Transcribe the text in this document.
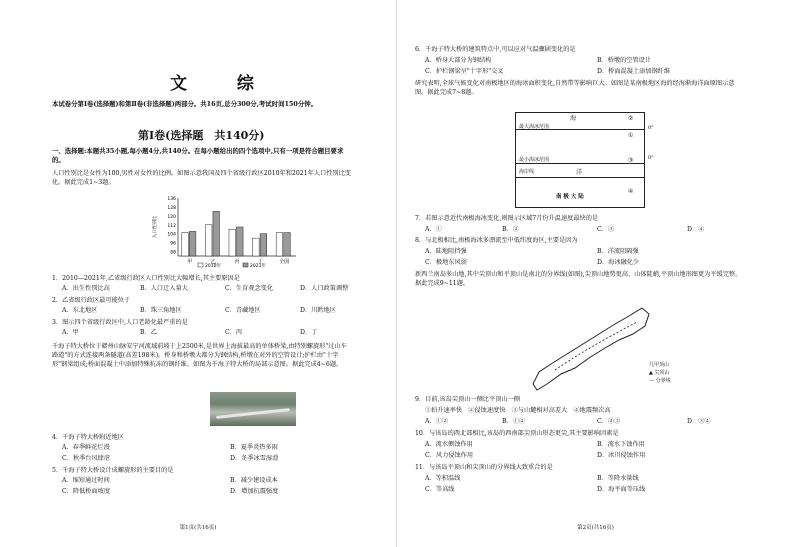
文 综
本试卷分第Ⅰ卷(选择题)和第Ⅱ卷(非选择题)两部分。共16页,总分300分,考试时间150分钟。
第Ⅰ卷(选择题　共140分)
一、选择题:本题共35小题,每小题4分,共140分。在每小题给出的四个选项中,只有一项是符合题目要求的。
人口性别比是女性为100,男性对女性的比例。如图示意我国及四个省级行政区2010年和2021年人口性别比变化。据此完成1~3题。
136
128
120
112
104
96
88
人口性别比
甲	乙	丙	丁	全国
2010年	2021年
1．2010—2021年,乙省级行政区人口性别比大幅增长,其主要原因是
A．出生性别比高	B．人口迁入量大	C．生育观念变化	D．人口政策调整
2．乙省级行政区最可能位于
A．东北地区	B．珠三角地区	C．青藏地区	D．川黔地区
3．图示四个省级行政区中,人口老龄化最严重的是
A．甲	B．乙	C．丙	D．丁
千海子特大桥位于赣州山脉安宁河流域前坡于上2500米,是世界上海拔最高的单体桥梁,由特别螺旋形"过山车路道"的方式连接两条隧道(高差198米)。桥身和桥墩大都分为钢结构,桥墩在对外的空管设计;护栏由"十字形"钢梁组成;桥面混凝土中添加特殊抗冻的钢纤维。如图为千海子特大桥的局部示意图。据此完成4~6题。
4．千海子特大桥附近地区
A．春季鲜花烂漫	B．夏季炎热多雨
C．秋季台风肆虐	D．冬季冰雪湿滑
5．千海子特大桥设计成螺旋形的主要目的是
A．缩短通过时间	B．减少建设成本
C．降低桥面坡度	D．增加抗震强度
第1页(共16页)
6．千海子特大桥的建筑特点中,可以应对气温骤剧变化的是
A．桥身大部分为钢结构	B．桥墩的空管设计
C．护栏钢梁呈"十字形"交叉	D．桥面混凝土添加钢纤维
研究表明,全球气候变化对南极地区的海冰面积变化,自然带等影响巨大。如图是某南极地区海的经海渐海洋面原图示意图。据此完成7~8题。
海	②
最大海冰范围
①
最小海冰范围	③
海岸线	洋
④
南 极 大 陆
0°
0°
7．若图示意近代南极海冰变化,则图示区域7月份升温速度最快的是
A．①	B．②	C．③	D．④
8．与北极相比,南极海冰多漂流至中低纬度海区,主要是因为
A．陆地阻挡强	B．洋流阻隔强
C．极地东风弱	D．海冰融化少
新西兰南岛多山地,其中尖顶山和平顶山是南北的分界线(如图),尖顶山地势更高、山体陡峭,平顶山地形图更为平缓完整。据此完成9~11题。
几甲顶山
▲ 尖顶山
— 分界线
9．目前,该岛尖顶山一侧比平顶山一侧
①拍升速率快　②侵蚀速度快　③与山麓相对高差大　④地震频次高
A．①②	B．①④	C．②③	D．③④
10．与该岛的西北部相比,该岛的西南部尖顶山形态更尖,其主要影响因素是
A．流水侧蚀作用	B．流水下蚀作用
C．风力侵蚀作用	D．冰川侵蚀作用
11．与该岛平顶山和尖顶山的分界线大致重合的是
A．等积温线	B．等降水量线
C．等高线	D．海平面等压线
第2页(共16页)
